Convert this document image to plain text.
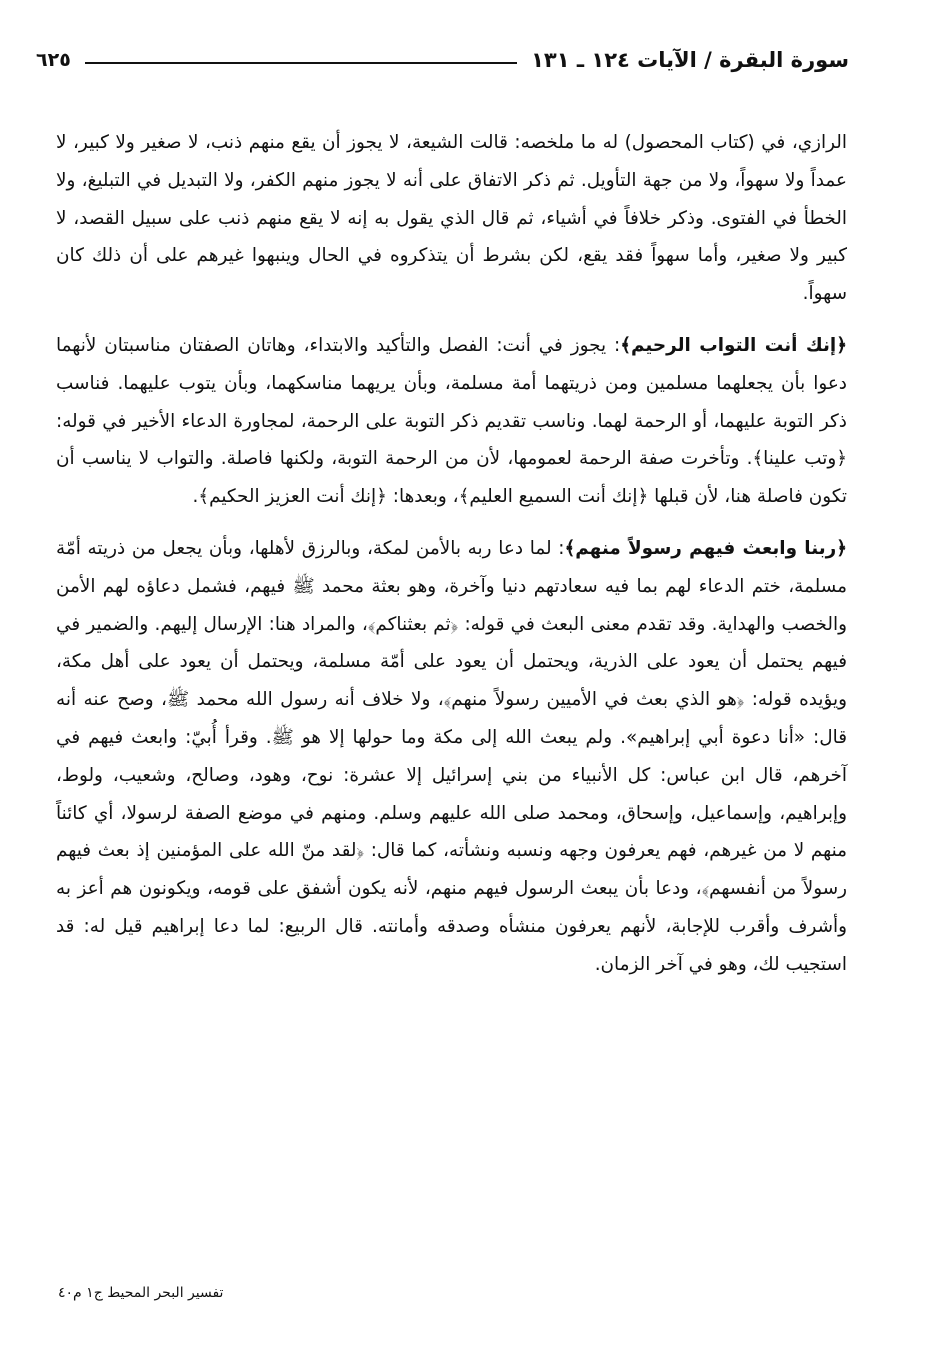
سورة البقرة / الآيات ١٢٤ ـ ١٣١
٦٢٥

الرازي، في (كتاب المحصول) له ما ملخصه: قالت الشيعة، لا يجوز أن يقع منهم ذنب، لا صغير ولا كبير، لا عمداً ولا سهواً، ولا من جهة التأويل. ثم ذكر الاتفاق على أنه لا يجوز منهم الكفر، ولا التبديل في التبليغ، ولا الخطأ في الفتوى. وذكر خلافاً في أشياء، ثم قال الذي يقول به إنه لا يقع منهم ذنب على سبيل القصد، لا كبير ولا صغير، وأما سهواً فقد يقع، لكن بشرط أن يتذكروه في الحال وينبهوا غيرهم على أن ذلك كان سهواً.

﴿إنك أنت التواب الرحيم﴾: يجوز في أنت: الفصل والتأكيد والابتداء، وهاتان الصفتان مناسبتان لأنهما دعوا بأن يجعلهما مسلمين ومن ذريتهما أمة مسلمة، وبأن يريهما مناسكهما، وبأن يتوب عليهما. فناسب ذكر التوبة عليهما، أو الرحمة لهما. وناسب تقديم ذكر التوبة على الرحمة، لمجاورة الدعاء الأخير في قوله: ﴿وتب علينا﴾. وتأخرت صفة الرحمة لعمومها، لأن من الرحمة التوبة، ولكنها فاصلة. والتواب لا يناسب أن تكون فاصلة هنا، لأن قبلها ﴿إنك أنت السميع العليم﴾، وبعدها: ﴿إنك أنت العزيز الحكيم﴾.

﴿ربنا وابعث فيهم رسولاً منهم﴾: لما دعا ربه بالأمن لمكة، وبالرزق لأهلها، وبأن يجعل من ذريته أمّة مسلمة، ختم الدعاء لهم بما فيه سعادتهم دنيا وآخرة، وهو بعثة محمد ﷺ فيهم، فشمل دعاؤه لهم الأمن والخصب والهداية. وقد تقدم معنى البعث في قوله: ﴿ثم بعثناكم﴾، والمراد هنا: الإرسال إليهم. والضمير في فيهم يحتمل أن يعود على الذرية، ويحتمل أن يعود على أمّة مسلمة، ويحتمل أن يعود على أهل مكة، ويؤيده قوله: ﴿هو الذي بعث في الأميين رسولاً منهم﴾، ولا خلاف أنه رسول الله محمد ﷺ، وصح عنه أنه قال: «أنا دعوة أبي إبراهيم». ولم يبعث الله إلى مكة وما حولها إلا هو ﷺ. وقرأ أُبيّ: وابعث فيهم في آخرهم، قال ابن عباس: كل الأنبياء من بني إسرائيل إلا عشرة: نوح، وهود، وصالح، وشعيب، ولوط، وإبراهيم، وإسماعيل، وإسحاق، ومحمد صلى الله عليهم وسلم. ومنهم في موضع الصفة لرسولا، أي كائناً منهم لا من غيرهم، فهم يعرفون وجهه ونسبه ونشأته، كما قال: ﴿لقد منّ الله على المؤمنين إذ بعث فيهم رسولاً من أنفسهم﴾، ودعا بأن يبعث الرسول فيهم منهم، لأنه يكون أشفق على قومه، ويكونون هم أعز به وأشرف وأقرب للإجابة، لأنهم يعرفون منشأه وصدقه وأمانته. قال الربيع: لما دعا إبراهيم قيل له: قد استجيب لك، وهو في آخر الزمان.

تفسير البحر المحيط ج١ م٤٠
